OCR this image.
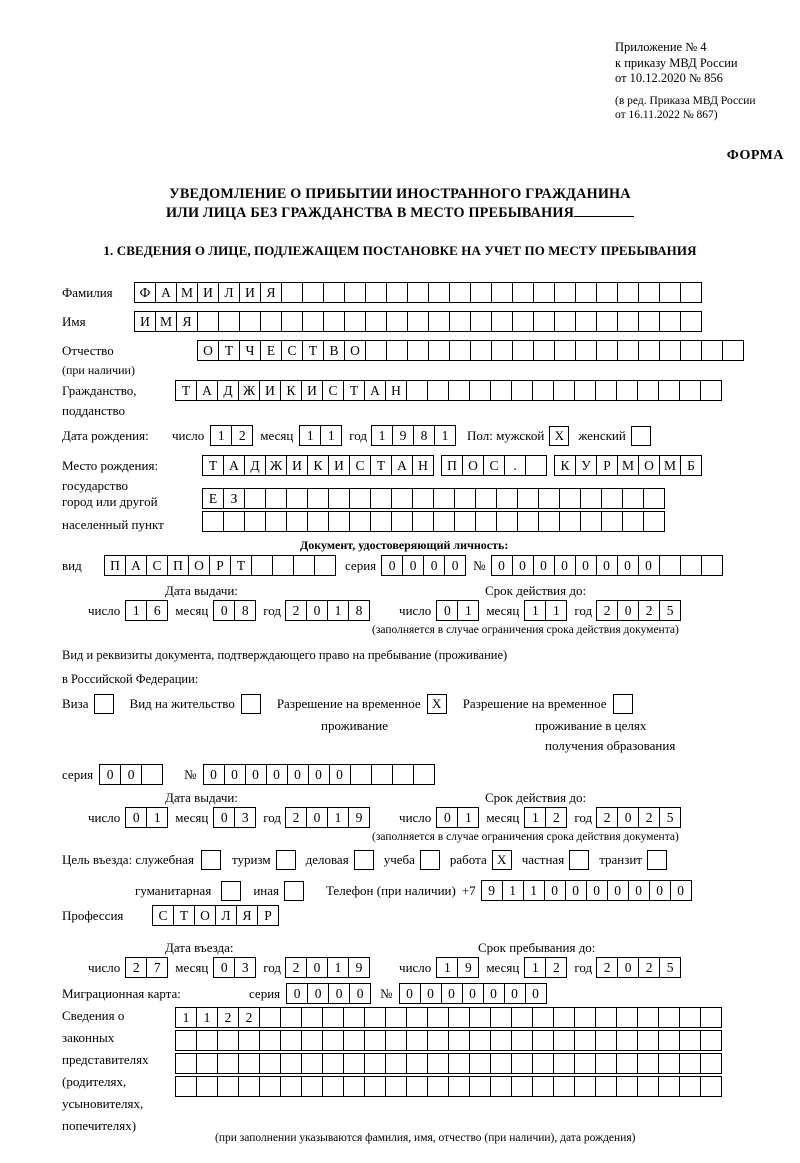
Приложение № 4
к приказу МВД России
от 10.12.2020 № 856
(в ред. Приказа МВД России
от 16.11.2022 № 867)
ФОРМА
УВЕДОМЛЕНИЕ О ПРИБЫТИИ ИНОСТРАННОГО ГРАЖДАНИНА
ИЛИ ЛИЦА БЕЗ ГРАЖДАНСТВА В МЕСТО ПРЕБЫВАНИЯ
1. СВЕДЕНИЯ О ЛИЦЕ, ПОДЛЕЖАЩЕМ ПОСТАНОВКЕ НА УЧЕТ ПО МЕСТУ ПРЕБЫВАНИЯ
Фамилия	Ф А М И Л И Я
Имя	И М Я
Отчество	О Т Ч Е С Т В О
(при наличии)
Гражданство,	Т А Д Ж И К И С Т А Н
подданство
Дата рождения:	число	1	2	месяц	1	1	год 1	9	8	1	Пол: мужской X	женский
Место рождения:	Т А Д Ж И К И С Т А Н	П О С	.	К У Р М О М Б
государство
Е З
город или другой
населенный пункт
Документ, удостоверяющий личность:
вид	П А С П О Р Т	серия 0	0	0	0	№ 0	0	0	0	0	0	0	0
Дата выдачи:	Срок действия до:
число 1	6	месяц 0	8	год 2	0	1	8	число 0	1	месяц 1	1	год 2	0	2	5
(заполняется в случае ограничения срока действия документа)
Вид и реквизиты документа, подтверждающего право на пребывание (проживание)
в Российской Федерации:
Виза	Вид на жительство	Разрешение на временное X	Разрешение на временное
проживание	проживание в целях
получения образования
серия	0	0	№	0	0	0	0	0	0	0
Дата выдачи:	Срок действия до:
число 0	1	месяц 0	3	год 2	0	1	9	число 0	1	месяц 1	2	год 2	0	2	5
(заполняется в случае ограничения срока действия документа)
Цель въезда: служебная	туризм	деловая	учеба	работа X	частная	транзит
гуманитарная	иная	Телефон (при наличии) +7 9	1	1	0	0	0	0	0	0	0
Профессия	С Т О Л Я Р
Дата въезда:	Срок пребывания до:
число 2	7	месяц 0	3	год 2	0	1	9	число 1	9	месяц 1	2	год 2	0	2	5
Миграционная карта:	серия	0	0	0	0	№	0	0	0	0	0	0	0
Сведения о
законных
представителях
(родителях,
усыновителях,
попечителях)
1	1	2	2
(при заполнении указываются фамилия, имя, отчество (при наличии), дата рождения)
